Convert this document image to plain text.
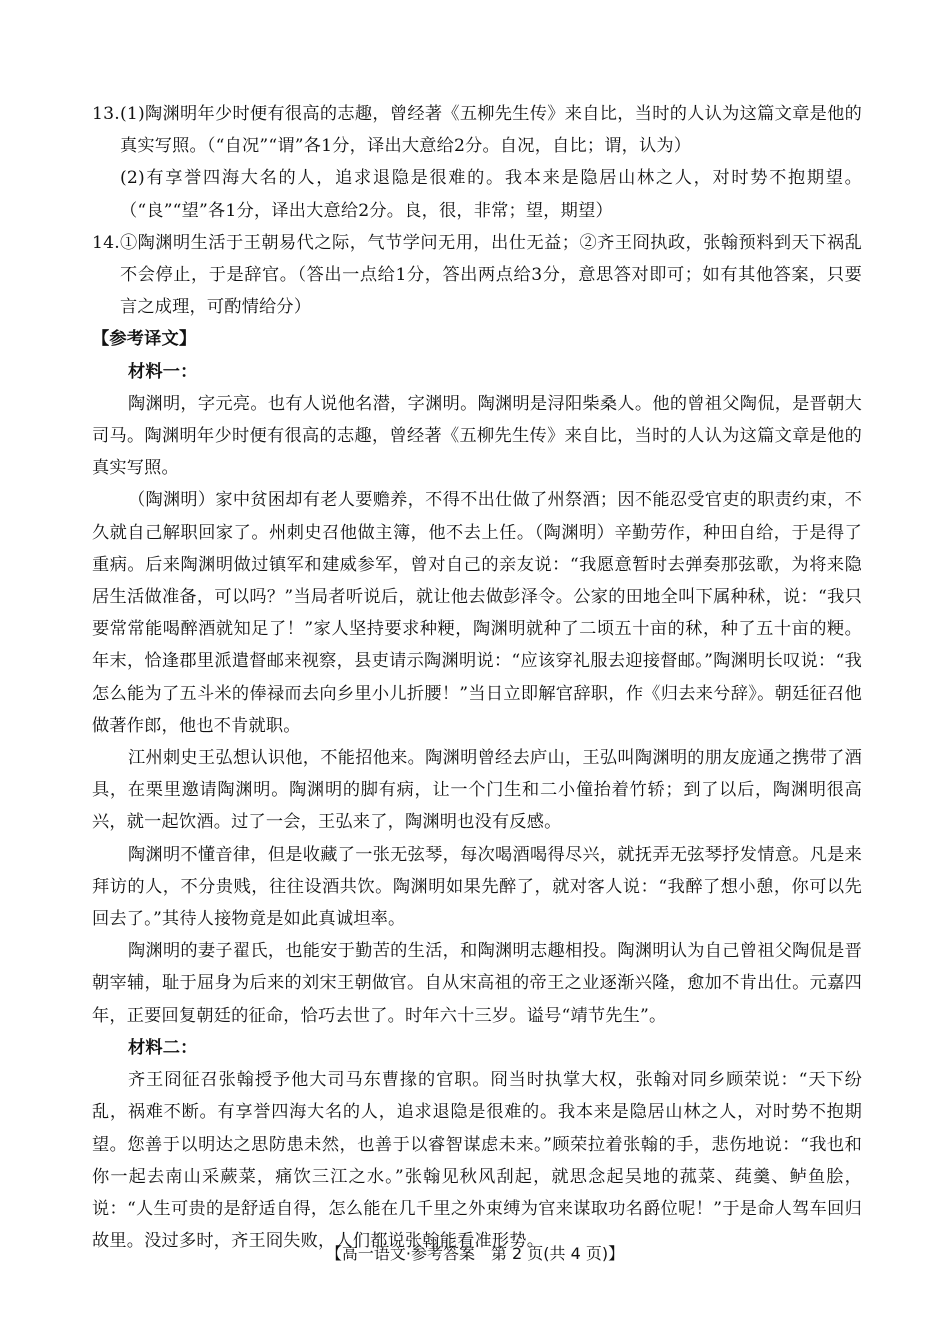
13. (1)陶渊明年少时便有很高的志趣，曾经著《五柳先生传》来自比，当时的人认为这篇文章是他的真实写照。（“自况”“谓”各1分，译出大意给2分。自况，自比；谓，认为）
(2)有享誉四海大名的人，追求退隐是很难的。我本来是隐居山林之人，对时势不抱期望。（“良”“望”各1分，译出大意给2分。良，很，非常；望，期望）
14. ①陶渊明生活于王朝易代之际，气节学问无用，出仕无益；②齐王冏执政，张翰预料到天下祸乱不会停止，于是辞官。（答出一点给1分，答出两点给3分，意思答对即可；如有其他答案，只要言之成理，可酌情给分）
【参考译文】
材料一：
陶渊明，字元亮。也有人说他名潜，字渊明。陶渊明是浔阳柴桑人。他的曾祖父陶侃，是晋朝大司马。陶渊明年少时便有很高的志趣，曾经著《五柳先生传》来自比，当时的人认为这篇文章是他的真实写照。
（陶渊明）家中贫困却有老人要赡养，不得不出仕做了州祭酒；因不能忍受官吏的职责约束，不久就自己解职回家了。州刺史召他做主簿，他不去上任。（陶渊明）辛勤劳作，种田自给，于是得了重病。后来陶渊明做过镇军和建威参军，曾对自己的亲友说：“我愿意暂时去弹奏那弦歌，为将来隐居生活做准备，可以吗？”当局者听说后，就让他去做彭泽令。公家的田地全叫下属种秫，说：“我只要常常能喝醉酒就知足了！”家人坚持要求种粳，陶渊明就种了二顷五十亩的秫，种了五十亩的粳。年末，恰逢郡里派遣督邮来视察，县吏请示陶渊明说：“应该穿礼服去迎接督邮。”陶渊明长叹说：“我怎么能为了五斗米的俸禄而去向乡里小儿折腰！”当日立即解官辞职，作《归去来兮辞》。朝廷征召他做著作郎，他也不肯就职。
江州刺史王弘想认识他，不能招他来。陶渊明曾经去庐山，王弘叫陶渊明的朋友庞通之携带了酒具，在栗里邀请陶渊明。陶渊明的脚有病，让一个门生和二小僮抬着竹轿；到了以后，陶渊明很高兴，就一起饮酒。过了一会，王弘来了，陶渊明也没有反感。
陶渊明不懂音律，但是收藏了一张无弦琴，每次喝酒喝得尽兴，就抚弄无弦琴抒发情意。凡是来拜访的人，不分贵贱，往往设酒共饮。陶渊明如果先醉了，就对客人说：“我醉了想小憩，你可以先回去了。”其待人接物竟是如此真诚坦率。
陶渊明的妻子翟氏，也能安于勤苦的生活，和陶渊明志趣相投。陶渊明认为自己曾祖父陶侃是晋朝宰辅，耻于屈身为后来的刘宋王朝做官。自从宋高祖的帝王之业逐渐兴隆，愈加不肯出仕。元嘉四年，正要回复朝廷的征命，恰巧去世了。时年六十三岁。谥号“靖节先生”。
材料二：
齐王冏征召张翰授予他大司马东曹掾的官职。冏当时执掌大权，张翰对同乡顾荣说：“天下纷乱，祸难不断。有享誉四海大名的人，追求退隐是很难的。我本来是隐居山林之人，对时势不抱期望。您善于以明达之思防患未然，也善于以睿智谋虑未来。”顾荣拉着张翰的手，悲伤地说：“我也和你一起去南山采蕨菜，痛饮三江之水。”张翰见秋风刮起，就思念起吴地的菰菜、莼羹、鲈鱼脍，说：“人生可贵的是舒适自得，怎么能在几千里之外束缚为官来谋取功名爵位呢！”于是命人驾车回归故里。没过多时，齐王冏失败，人们都说张翰能看准形势。
【高一语文·参考答案　第 2 页(共 4 页)】
